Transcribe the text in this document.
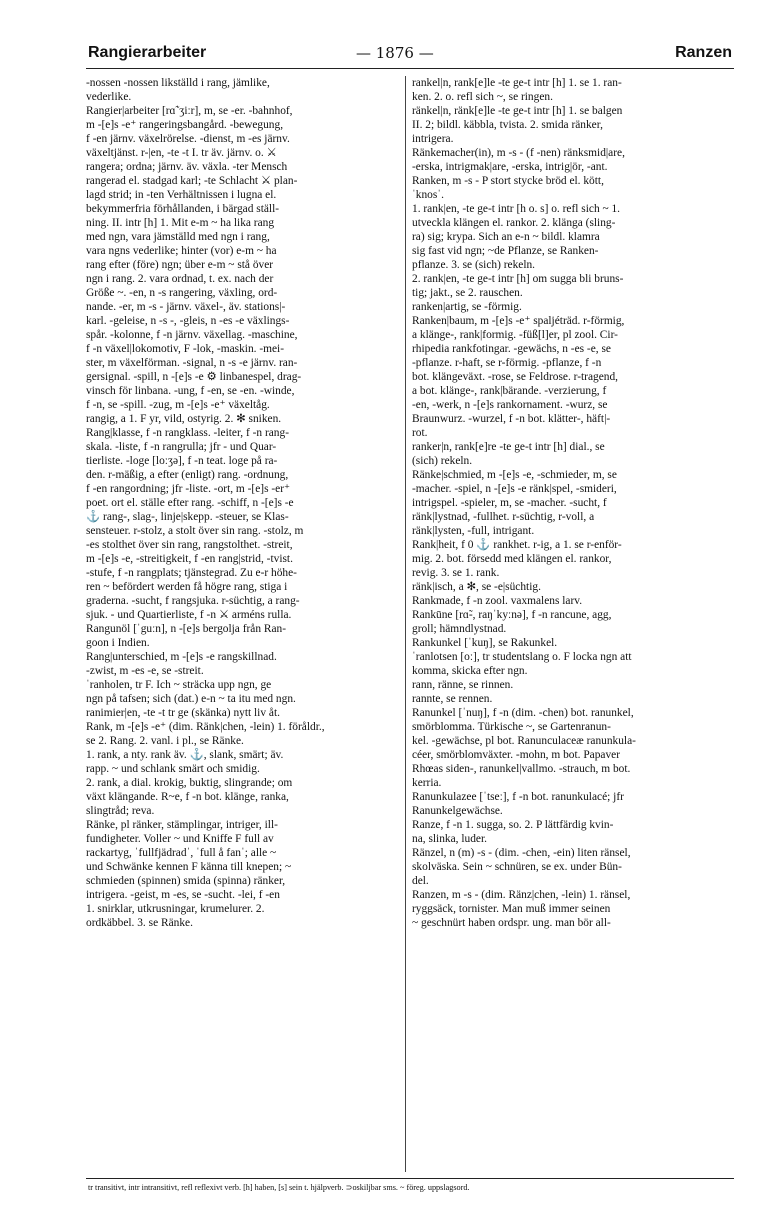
Rangierarbeiter	— 1876 —	Ranzen
-nossen -nossen likställd i rang, jämlike,
vederlike.
Rangier|arbeiter [rɑ̃ˈʒiːr], m, se -er. -bahnhof,
m -[e]s -e⁺ rangeringsbangård. -bewegung,
f -en järnv. växelrörelse. -dienst, m -es järnv.
växeltjänst. r-|en, -te -t I. tr äv. järnv. o. ⚔
rangera; ordna; järnv. äv. växla. -ter Mensch
rangerad el. stadgad karl; -te Schlacht ⚔ plan-
lagd strid; in -ten Verhältnissen i lugna el.
bekymmerfria förhållanden, i bärgad ställ-
ning. II. intr [h] 1. Mit e-m ~ ha lika rang
med ngn, vara jämställd med ngn i rang,
vara ngns vederlike; hinter (vor) e-m ~ ha
rang efter (före) ngn; über e-m ~ stå över
ngn i rang. 2. vara ordnad, t. ex. nach der
Größe ~. -en, n -s rangering, växling, ord-
nande. -er, m -s - järnv. växel-, äv. stations|-
karl. -geleise, n -s -, -gleis, n -es -e växlings-
spår. -kolonne, f -n järnv. växellag. -maschine,
f -n växel|lokomotiv, F -lok, -maskin. -mei-
ster, m växelförman. -signal, n -s -e järnv. ran-
gersignal. -spill, n -[e]s -e ⚙ linbanespel, drag-
vinsch för linbana. -ung, f -en, se -en. -winde,
f -n, se -spill. -zug, m -[e]s -e⁺ växeltåg.
rangig, a 1. F yr, vild, ostyrig. 2. ✻ sniken.
Rang|klasse, f -n rangklass. -leiter, f -n rang-
skala. -liste, f -n rangrulla; jfr - und Quar-
tierliste. -loge [loːʒə], f -n teat. loge på ra-
den. r-mäßig, a efter (enligt) rang. -ordnung,
f -en rangordning; jfr -liste. -ort, m -[e]s -er⁺
poet. ort el. ställe efter rang. -schiff, n -[e]s -e
⚓ rang-, slag-, linje|skepp. -steuer, se Klas-
sensteuer. r-stolz, a stolt över sin rang. -stolz, m
-es stolthet över sin rang, rangstolthet. -streit,
m -[e]s -e, -streitigkeit, f -en rang|strid, -tvist.
-stufe, f -n rangplats; tjänstegrad. Zu e-r höhe-
ren ~ befördert werden få högre rang, stiga i
graderna. -sucht, f rangsjuka. r-süchtig, a rang-
sjuk. - und Quartierliste, f -n ⚔ arméns rulla.
Rangunöl [ˈguːn], n -[e]s bergolja från Ran-
goon i Indien.
Rang|unterschied, m -[e]s -e rangskillnad.
-zwist, m -es -e, se -streit.
ˈranholen, tr F. Ich ~ sträcka upp ngn, ge
ngn på tafsen; sich (dat.) e-n ~ ta itu med ngn.
ranimier|en, -te -t tr ge (skänka) nytt liv åt.
Rank, m -[e]s -e⁺ (dim. Ränk|chen, -lein) 1. föråldr.,
se 2. Rang. 2. vanl. i pl., se Ränke.
1. rank, a nty. rank äv. ⚓, slank, smärt; äv.
rapp. ~ und schlank smärt och smidig.
2. rank, a dial. krokig, buktig, slingrande; om
växt klängande. R~e, f -n bot. klänge, ranka,
slingtråd; reva.
Ränke, pl ränker, stämplingar, intriger, ill-
fundigheter. Voller ~ und Kniffe F full av
rackartyg, ˈfullfjädradˈ, ˈfull å fanˈ; alle ~
und Schwänke kennen F känna till knepen; ~
schmieden (spinnen) smida (spinna) ränker,
intrigera. -geist, m -es, se -sucht. -lei, f -en
1. snirklar, utkrusningar, krumelurer. 2.
ordkäbbel. 3. se Ränke.
rankel|n, rank[e]le -te ge-t intr [h] 1. se 1. ran-
ken. 2. o. refl sich ~, se ringen.
ränkel|n, ränk[e]le -te ge-t intr [h] 1. se balgen
II. 2; bildl. käbbla, tvista. 2. smida ränker,
intrigera.
Ränkemacher(in), m -s - (f -nen) ränksmid|are,
-erska, intrigmak|are, -erska, intrig|ör, -ant.
Ranken, m -s - P stort stycke bröd el. kött,
ˈknosˈ.
1. rank|en, -te ge-t intr [h o. s] o. refl sich ~ 1.
utveckla klängen el. rankor. 2. klänga (sling-
ra) sig; krypa. Sich an e-n ~ bildl. klamra
sig fast vid ngn; ~de Pflanze, se Ranken-
pflanze. 3. se (sich) rekeln.
2. rank|en, -te ge-t intr [h] om sugga bli bruns-
tig; jakt., se 2. rauschen.
ranken|artig, se -förmig.
Ranken|baum, m -[e]s -e⁺ spaljéträd. r-förmig,
a klänge-, rank|formig. -füß[l]er, pl zool. Cir-
rhipedia rankfotingar. -gewächs, n -es -e, se
-pflanze. r-haft, se r-förmig. -pflanze, f -n
bot. klängeväxt. -rose, se Feldrose. r-tragend,
a bot. klänge-, rank|bärande. -verzierung, f
-en, -werk, n -[e]s rankornament. -wurz, se
Braunwurz. -wurzel, f -n bot. klätter-, häft|-
rot.
ranker|n, rank[e]re -te ge-t intr [h] dial., se
(sich) rekeln.
Ränke|schmied, m -[e]s -e, -schmieder, m, se
-macher. -spiel, n -[e]s -e ränk|spel, -smideri,
intrigspel. -spieler, m, se -macher. -sucht, f
ränk|lystnad, -fullhet. r-süchtig, r-voll, a
ränk|lysten, -full, intrigant.
Rank|heit, f 0 ⚓ rankhet. r-ig, a 1. se r-enför-
mig. 2. bot. försedd med klängen el. rankor,
revig. 3. se 1. rank.
ränk|isch, a ✻, se -e|süchtig.
Rankmade, f -n zool. vaxmalens larv.
Rankūne [rɑ̃-, raŋˈkyːnə], f -n rancune, agg,
groll; hämndlystnad.
Rankunkel [ˈkuŋ], se Rakunkel.
ˈranlotsen [oː], tr studentslang o. F locka ngn att
komma, skicka efter ngn.
rann, ränne, se rinnen.
rannte, se rennen.
Ranunkel [ˈnuŋ], f -n (dim. -chen) bot. ranunkel,
smörblomma. Türkische ~, se Gartenranun-
kel. -gewächse, pl bot. Ranunculaceæ ranunkula-
céer, smörblomväxter. -mohn, m bot. Papaver
Rhœas siden-, ranunkel|vallmo. -strauch, m bot.
kerria.
Ranunkulazee [ˈtseː], f -n bot. ranunkulacé; jfr
Ranunkelgewächse.
Ranze, f -n 1. sugga, so. 2. P lättfärdig kvin-
na, slinka, luder.
Ränzel, n (m) -s - (dim. -chen, -ein) liten ränsel,
skolväska. Sein ~ schnüren, se ex. under Bün-
del.
Ranzen, m -s - (dim. Ränz|chen, -lein) 1. ränsel,
ryggsäck, tornister. Man muß immer seinen
~ geschnürt haben ordspr. ung. man bör all-
tr transitivt, intr intransitivt, refl reflexivt verb. [h] haben, [s] sein t. hjälpverb. ⊃oskiljbar sms. ~ föreg. uppslagsord.
